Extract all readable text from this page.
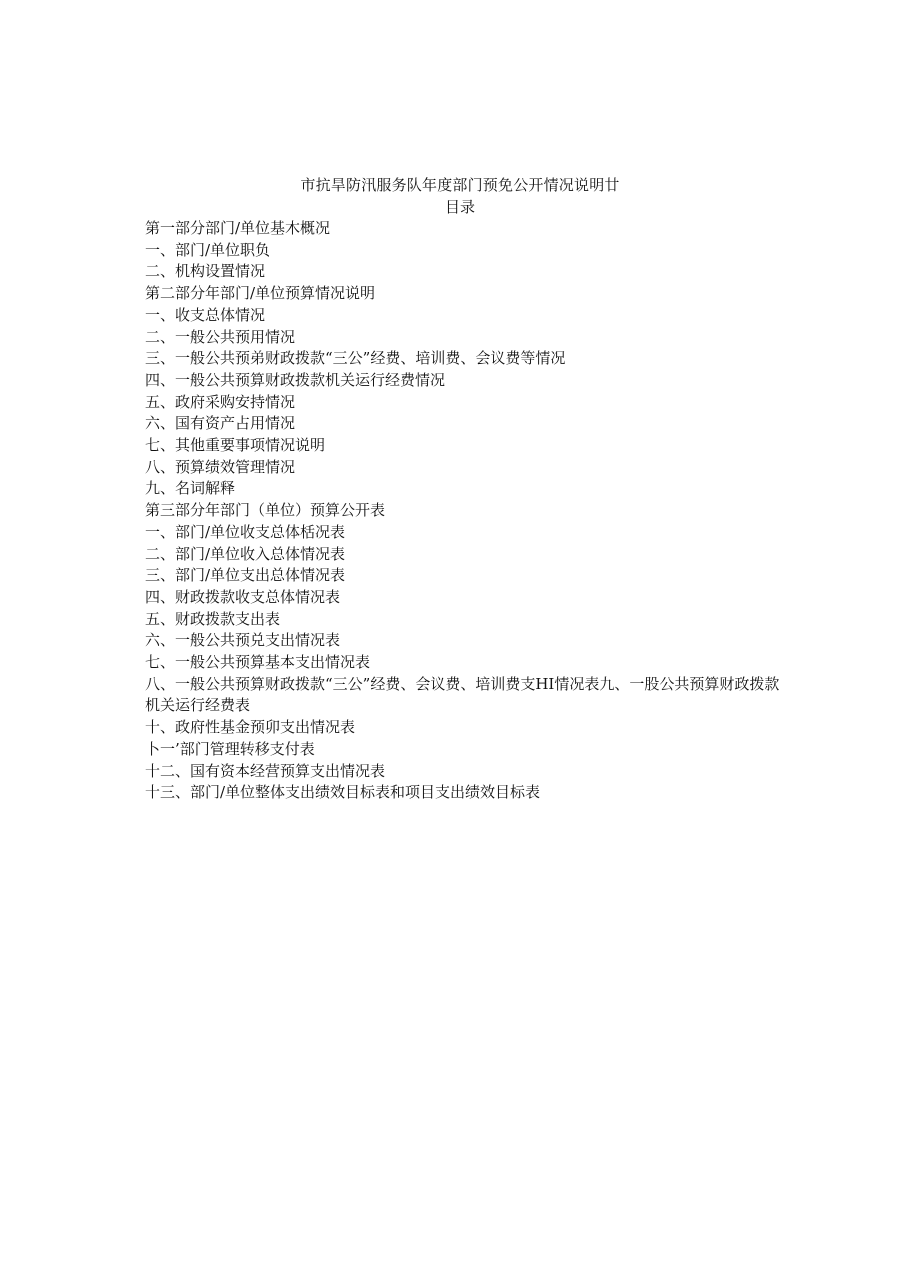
市抗旱防汛服务队年度部门预免公开情况说明廿
目录
第一部分部门/单位基木概况
一、部门/单位职负
二、机构设置情况
第二部分年部门/单位预算情况说明
一、收支总体情况
二、一般公共预用情况
三、一般公共预弟财政拨款“三公”经费、培训费、会议费等情况
四、一般公共预算财政拨款机关运行经费情况
五、政府采购安持情况
六、国有资产占用情况
七、其他重要事项情况说明
八、预算绩效管理情况
九、名词解释
第三部分年部门（单位）预算公开表
一、部门/单位收支总体栝况表
二、部门/单位收入总体情况表
三、部门/单位支出总体情况表
四、财政拨款收支总体情况表
五、财政拨款支出表
六、一般公共预兑支出情况表
七、一般公共预算基本支出情况表
八、一般公共预算财政拨款“三公”经费、会议费、培训费支HI情况表九、一股公共预算财政拨款机关运行经费表
十、政府性基金预卯支出情况表
卜一’部门管理转移支付表
十二、国有资本经营预算支出情况表
十三、部门/单位整体支出绩效目标表和项目支出绩效目标表
